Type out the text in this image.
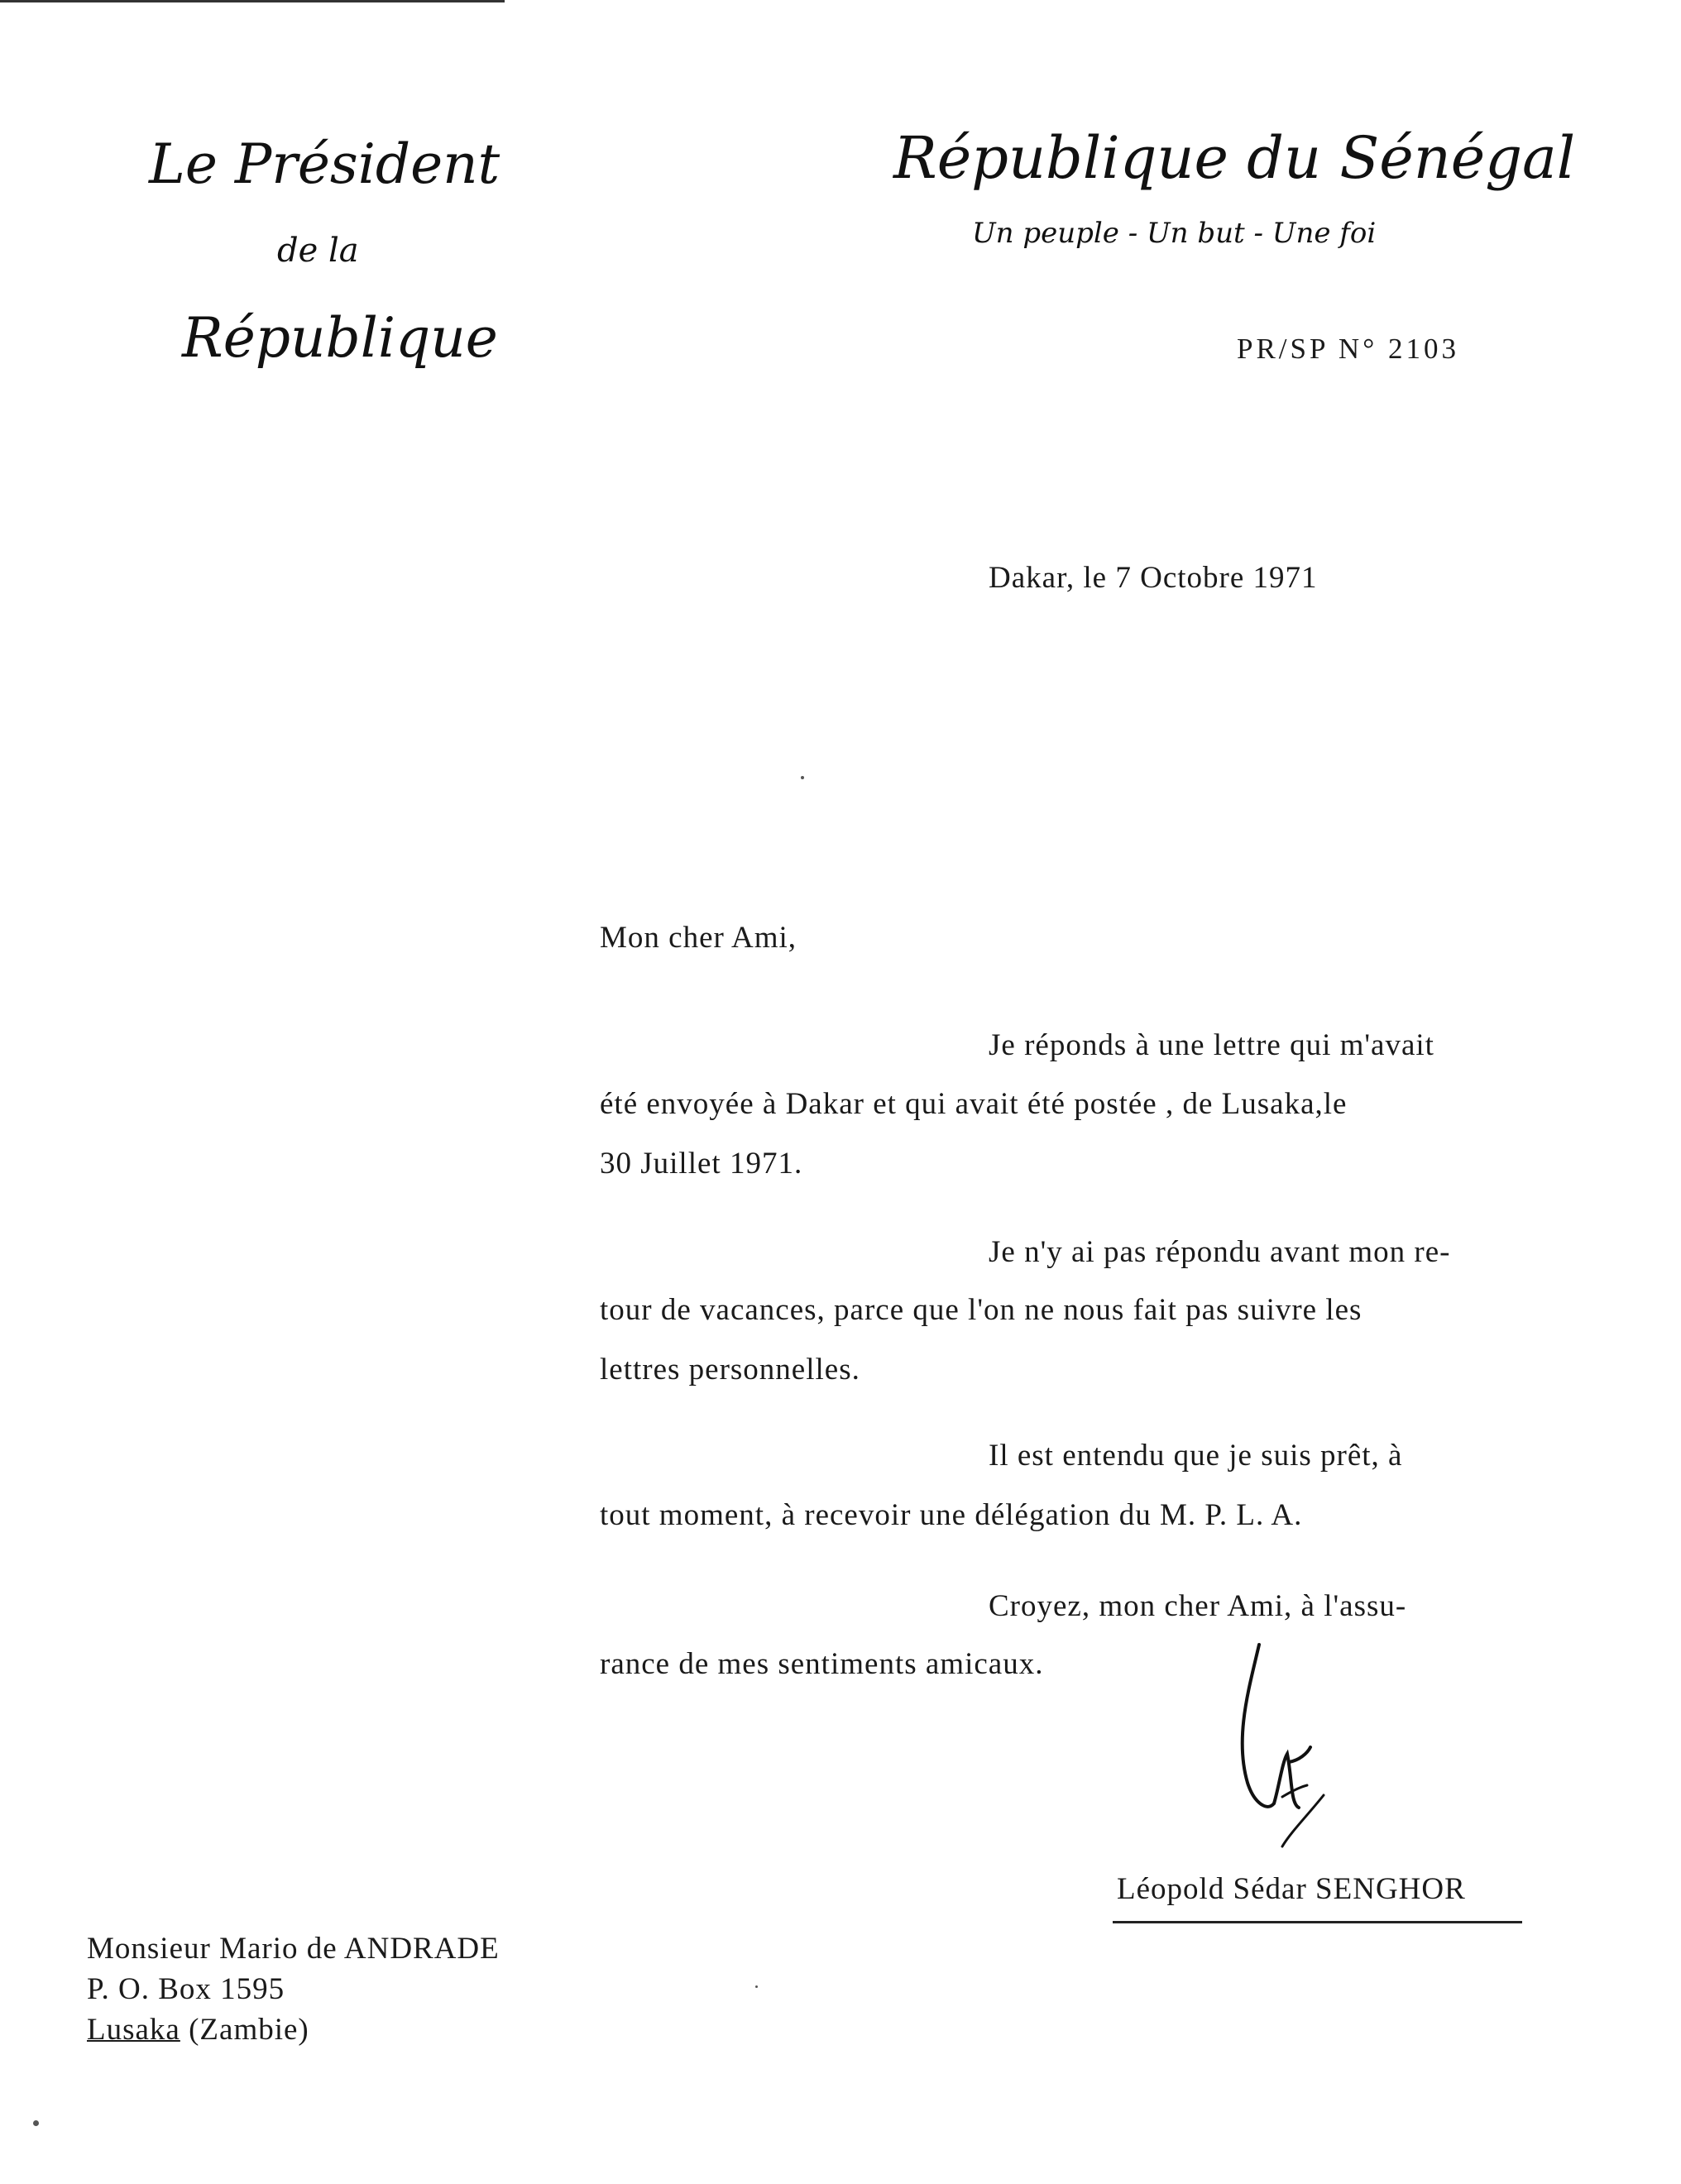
Le Président
de la
République
République du Sénégal
Un peuple - Un but - Une foi
PR/SP N° 2103
Dakar, le 7 Octobre 1971
Mon cher Ami,
Je réponds à une lettre qui m'avait
été envoyée à Dakar et qui avait été postée , de Lusaka,le
30 Juillet 1971.
Je n'y ai pas répondu avant mon re-
tour de vacances, parce que l'on ne nous fait pas suivre les
lettres personnelles.
Il est entendu que je suis prêt, à
tout moment, à recevoir une délégation du M. P. L. A.
Croyez, mon cher Ami, à l'assu-
rance de mes sentiments amicaux.
Léopold Sédar SENGHOR
Monsieur Mario de ANDRADE
P. O. Box 1595
Lusaka (Zambie)
